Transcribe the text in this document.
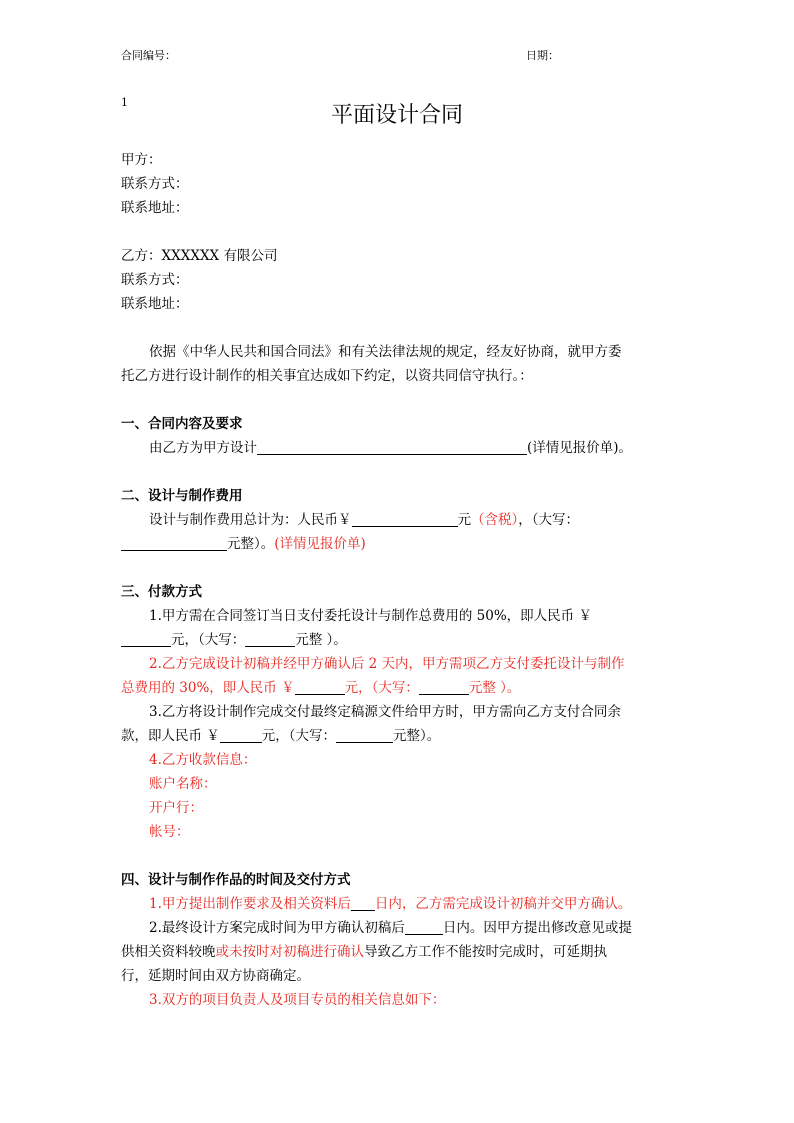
合同编号：	日期：
1
平面设计合同
甲方：
联系方式：
联系地址：
乙方：XXXXXX 有限公司
联系方式：
联系地址：
依据《中华人民共和国合同法》和有关法律法规的规定，经友好协商，就甲方委
托乙方进行设计制作的相关事宜达成如下约定，以资共同信守执行。：
一、合同内容及要求
由乙方为甲方设计	(详情见报价单)。
二、设计与制作费用
设计与制作费用总计为：人民币￥	元（含税），（大写：
元整）。(详情见报价单)
三、付款方式
1.甲方需在合同签订当日支付委托设计与制作总费用的 50%，即人民币 ￥
元，（大写：	元整 ）。
2.乙方完成设计初稿并经甲方确认后 2 天内，甲方需项乙方支付委托设计与制作
总费用的 30%，即人民币 ￥	元，（大写：	元整 ）。
3.乙方将设计制作完成交付最终定稿源文件给甲方时，甲方需向乙方支付合同余
款，即人民币 ￥	元，（大写：	元整）。
4.乙方收款信息：
账户名称：
开户行：
帐号：
四、设计与制作作品的时间及交付方式
1.甲方提出制作要求及相关资料后 日内，乙方需完成设计初稿并交甲方确认。
2.最终设计方案完成时间为甲方确认初稿后	日内。因甲方提出修改意见或提
供相关资料较晚或未按时对初稿进行确认导致乙方工作不能按时完成时，可延期执
行，延期时间由双方协商确定。
3.双方的项目负责人及项目专员的相关信息如下：
